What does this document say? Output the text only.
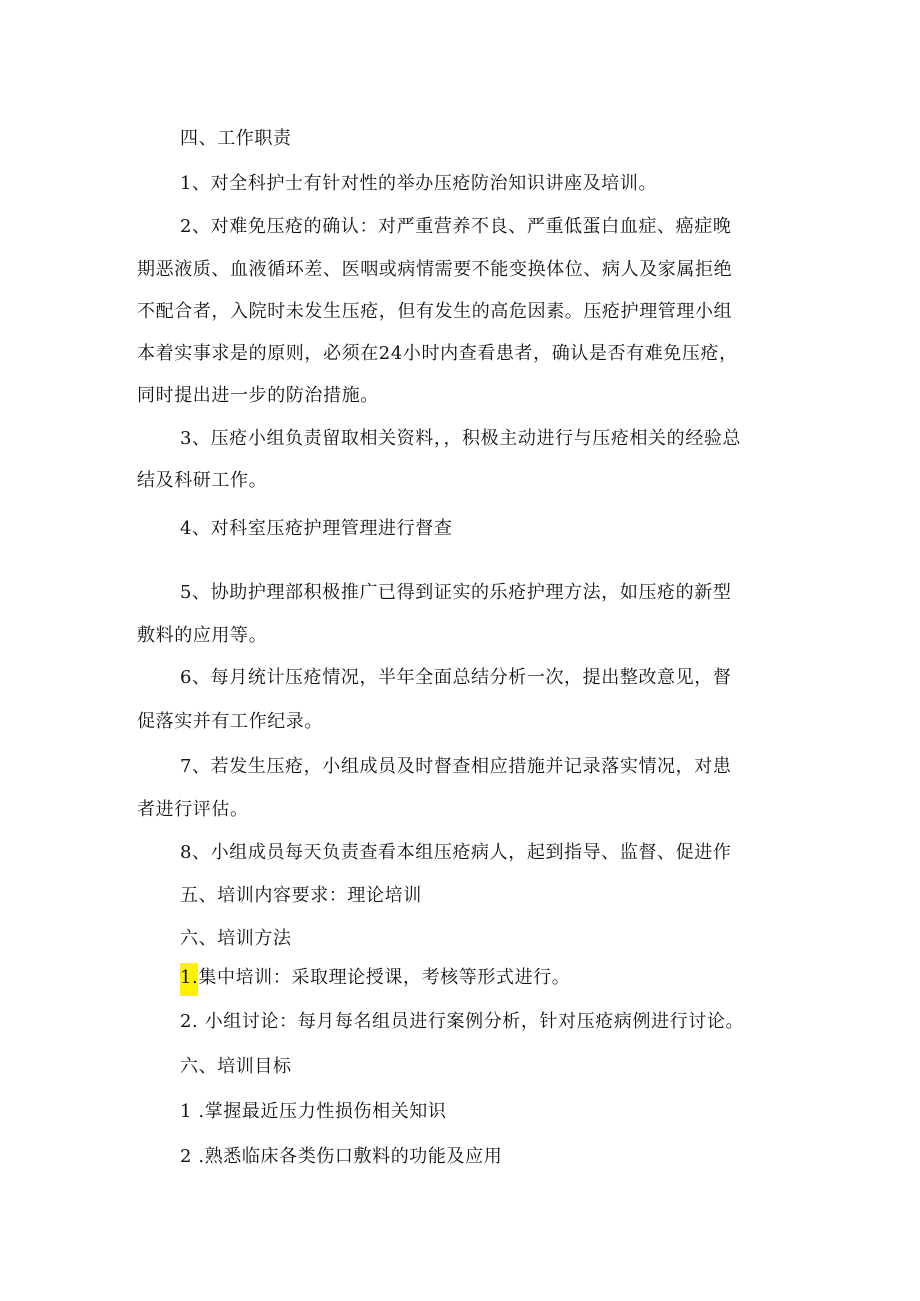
四、工作职责
1、对全科护士有针对性的举办压疮防治知识讲座及培训。
2、对难免压疮的确认：对严重营养不良、严重低蛋白血症、癌症晚
期恶液质、血液循环差、医咽或病情需要不能变换体位、病人及家属拒绝
不配合者，入院时未发生压疮，但有发生的高危因素。压疮护理管理小组
本着实事求是的原则，必须在24小时内查看患者，确认是否有难免压疮，
同时提出进一步的防治措施。
3、压疮小组负责留取相关资料，，积极主动进行与压疮相关的经验总
结及科研工作。
4、对科室压疮护理管理进行督查
5、协助护理部积极推广已得到证实的乐疮护理方法，如压疮的新型
敷料的应用等。
6、每月统计压疮情况，半年全面总结分析一次，提出整改意见，督
促落实并有工作纪录。
7、若发生压疮，小组成员及时督查相应措施并记录落实情况，对患
者进行评估。
8、小组成员每天负责查看本组压疮病人，起到指导、监督、促进作
五、培训内容要求：理论培训
六、培训方法
1.集中培训：采取理论授课，考核等形式进行。
2. 小组讨论：每月每名组员进行案例分析，针对压疮病例进行讨论。
六、培训目标
1 .掌握最近压力性损伤相关知识
2 .熟悉临床各类伤口敷料的功能及应用
